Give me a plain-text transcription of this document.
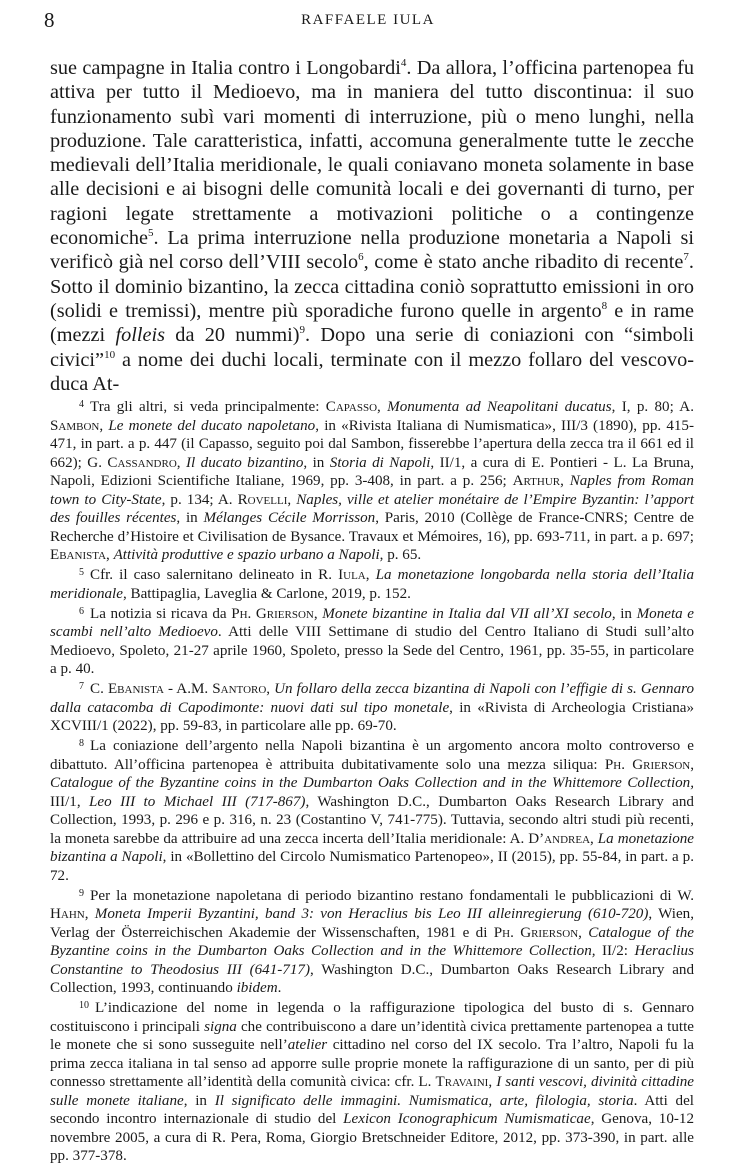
8	RAFFAELE IULA

sue campagne in Italia contro i Longobardi$^4$. Da allora, l’officina partenopea fu attiva per tutto il Medioevo, ma in maniera del tutto discontinua: il suo funzionamento subì vari momenti di interruzione, più o meno lunghi, nella produzione. Tale caratteristica, infatti, accomuna generalmente tutte le zecche medievali dell’Italia meridionale, le quali coniavano moneta solamente in base alle decisioni e ai bisogni delle comunità locali e dei governanti di turno, per ragioni legate strettamente a motivazioni politiche o a contingenze economiche$^5$. La prima interruzione nella produzione monetaria a Napoli si verificò già nel corso dell’VIII secolo$^6$, come è stato anche ribadito di recente$^7$. Sotto il dominio bizantino, la zecca cittadina coniò soprattutto emissioni in oro (solidi e tremissi), mentre più sporadiche furono quelle in argento$^8$ e in rame (mezzi folleis da 20 nummi)$^9$. Dopo una serie di coniazioni con “simboli civici”$^{10}$ a nome dei duchi locali, terminate con il mezzo follaro del vescovo-duca At-

$^4$ Tra gli altri, si veda principalmente: Capasso, Monumenta ad Neapolitani ducatus, I, p. 80; A. Sambon, Le monete del ducato napoletano, in «Rivista Italiana di Numismatica», III/3 (1890), pp. 415-471, in part. a p. 447 (il Capasso, seguito poi dal Sambon, fisserebbe l’apertura della zecca tra il 661 ed il 662); G. Cassandro, Il ducato bizantino, in Storia di Napoli, II/1, a cura di E. Pontieri - L. La Bruna, Napoli, Edizioni Scientifiche Italiane, 1969, pp. 3-408, in part. a p. 256; Arthur, Naples from Roman town to City-State, p. 134; A. Rovelli, Naples, ville et atelier monétaire de l’Empire Byzantin: l’apport des fouilles récentes, in Mélanges Cécile Morrisson, Paris, 2010 (Collège de France-CNRS; Centre de Recherche d’Histoire et Civilisation de Bysance. Travaux et Mémoires, 16), pp. 693-711, in part. a p. 697; Ebanista, Attività produttive e spazio urbano a Napoli, p. 65.

$^5$ Cfr. il caso salernitano delineato in R. Iula, La monetazione longobarda nella storia dell’Italia meridionale, Battipaglia, Laveglia & Carlone, 2019, p. 152.

$^6$ La notizia si ricava da Ph. Grierson, Monete bizantine in Italia dal VII all’XI secolo, in Moneta e scambi nell’alto Medioevo. Atti delle VIII Settimane di studio del Centro Italiano di Studi sull’alto Medioevo, Spoleto, 21-27 aprile 1960, Spoleto, presso la Sede del Centro, 1961, pp. 35-55, in particolare a p. 40.

$^7$ C. Ebanista - A.M. Santoro, Un follaro della zecca bizantina di Napoli con l’effigie di s. Gennaro dalla catacomba di Capodimonte: nuovi dati sul tipo monetale, in «Rivista di Archeologia Cristiana» XCVIII/1 (2022), pp. 59-83, in particolare alle pp. 69-70.

$^8$ La coniazione dell’argento nella Napoli bizantina è un argomento ancora molto controverso e dibattuto. All’officina partenopea è attribuita dubitativamente solo una mezza siliqua: Ph. Grierson, Catalogue of the Byzantine coins in the Dumbarton Oaks Collection and in the Whittemore Collection, III/1, Leo III to Michael III (717-867), Washington D.C., Dumbarton Oaks Research Library and Collection, 1993, p. 296 e p. 316, n. 23 (Costantino V, 741-775). Tuttavia, secondo altri studi più recenti, la moneta sarebbe da attribuire ad una zecca incerta dell’Italia meridionale: A. D’andrea, La monetazione bizantina a Napoli, in «Bollettino del Circolo Numismatico Partenopeo», II (2015), pp. 55-84, in part. a p. 72.

$^9$ Per la monetazione napoletana di periodo bizantino restano fondamentali le pubblicazioni di W. Hahn, Moneta Imperii Byzantini, band 3: von Heraclius bis Leo III alleinregierung (610-720), Wien, Verlag der Österreichischen Akademie der Wissenschaften, 1981 e di Ph. Grierson, Catalogue of the Byzantine coins in the Dumbarton Oaks Collection and in the Whittemore Collection, II/2: Heraclius Constantine to Theodosius III (641-717), Washington D.C., Dumbarton Oaks Research Library and Collection, 1993, continuando ibidem.

$^{10}$ L’indicazione del nome in legenda o la raffigurazione tipologica del busto di s. Gennaro costituiscono i principali signa che contribuiscono a dare un’identità civica prettamente partenopea a tutte le monete che si sono susseguite nell’atelier cittadino nel corso del IX secolo. Tra l’altro, Napoli fu la prima zecca italiana in tal senso ad apporre sulle proprie monete la raffigurazione di un santo, per di più connesso strettamente all’identità della comunità civica: cfr. L. Travaini, I santi vescovi, divinità cittadine sulle monete italiane, in Il significato delle immagini. Numismatica, arte, filologia, storia. Atti del secondo incontro internazionale di studio del Lexicon Iconographicum Numismaticae, Genova, 10-12 novembre 2005, a cura di R. Pera, Roma, Giorgio Bretschneider Editore, 2012, pp. 373-390, in part. alle pp. 377-378.
